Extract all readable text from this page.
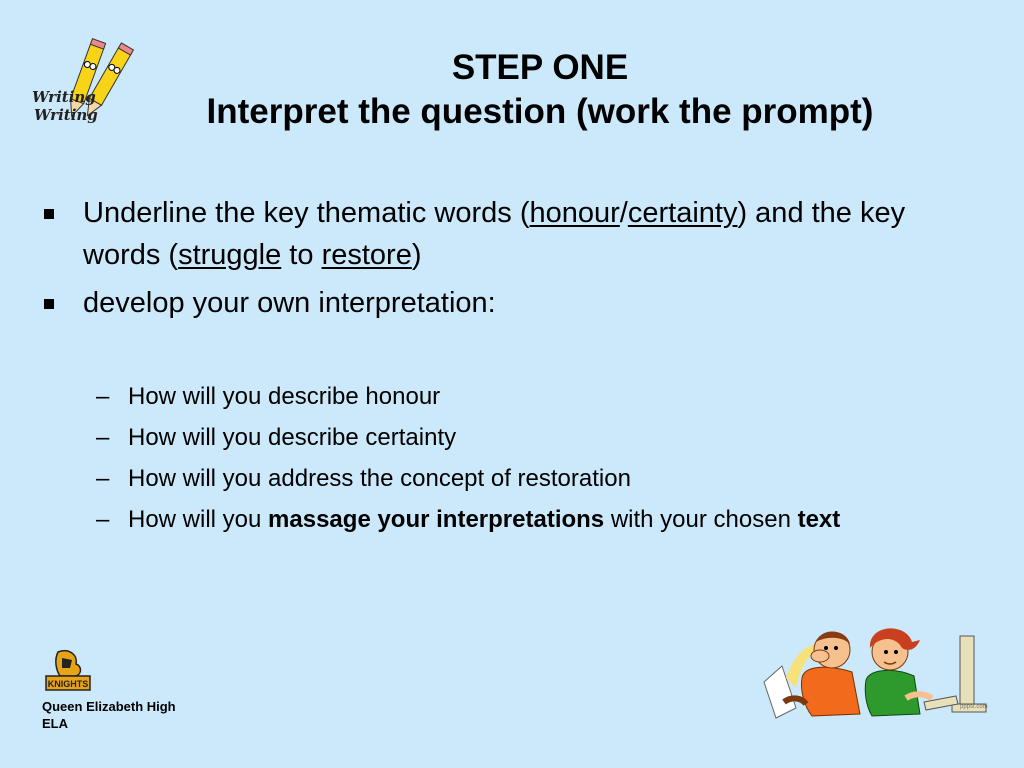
Writing
Writing
STEP ONE
Interpret the question (work the prompt)
Underline the key thematic words (honour/certainty) and the key words (struggle to restore)
develop your own interpretation:
– How will you describe honour
– How will you describe certainty
– How will you address the concept of restoration
– How will you massage your interpretations with your chosen text
KNIGHTS
Queen Elizabeth High
ELA
pppst.com
